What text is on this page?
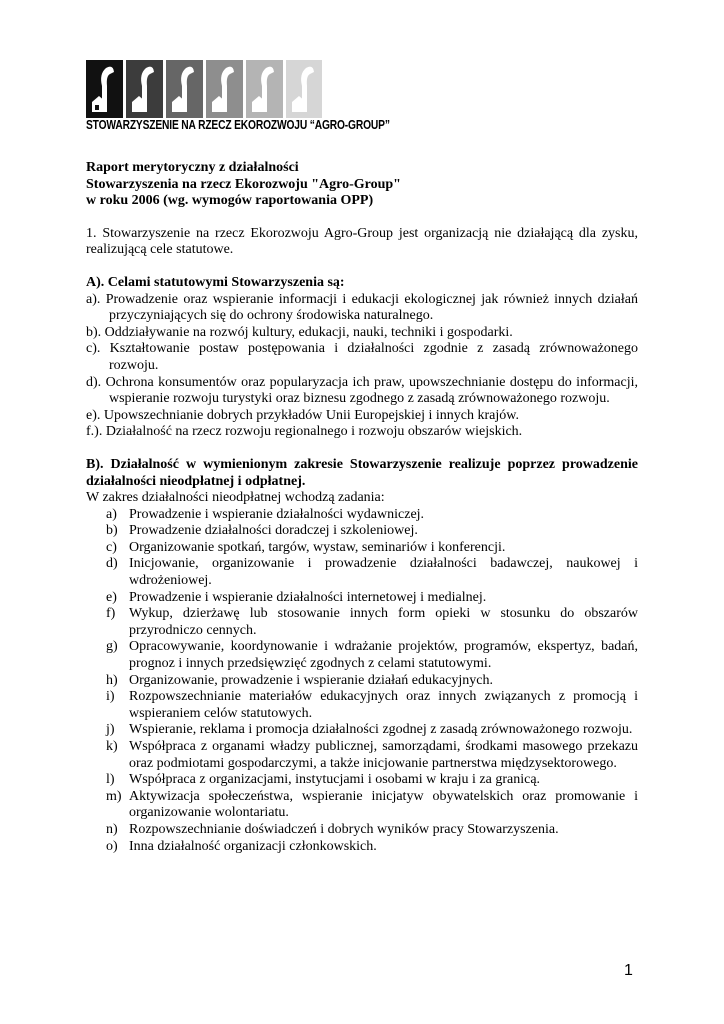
STOWARZYSZENIE NA RZECZ EKOROZWOJU “AGRO-GROUP”

Raport merytoryczny z działalności

Stowarzyszenia na rzecz Ekorozwoju "Agro-Group"

w roku 2006 (wg. wymogów raportowania OPP)

1. Stowarzyszenie na rzecz Ekorozwoju Agro-Group jest organizacją nie działającą dla zysku, realizującą cele statutowe.

A). Celami statutowymi Stowarzyszenia są:

a). Prowadzenie oraz wspieranie informacji i edukacji ekologicznej jak również innych działań przyczyniających się do ochrony środowiska naturalnego.

b). Oddziaływanie na rozwój kultury, edukacji, nauki, techniki i gospodarki.

c). Kształtowanie postaw postępowania i działalności zgodnie z zasadą zrównoważonego rozwoju.

d). Ochrona konsumentów oraz popularyzacja ich praw, upowszechnianie dostępu do informacji, wspieranie rozwoju turystyki oraz biznesu zgodnego z zasadą zrównoważonego rozwoju.

e). Upowszechnianie dobrych przykładów Unii Europejskiej i innych krajów.

f.). Działalność na rzecz rozwoju regionalnego i rozwoju obszarów wiejskich.

B). Działalność w wymienionym zakresie Stowarzyszenie realizuje poprzez prowadzenie działalności nieodpłatnej i odpłatnej.

W zakres działalności nieodpłatnej wchodzą zadania:

a) Prowadzenie i wspieranie działalności wydawniczej.
b) Prowadzenie działalności doradczej i szkoleniowej.
c) Organizowanie spotkań, targów, wystaw, seminariów i konferencji.
d) Inicjowanie, organizowanie i prowadzenie działalności badawczej, naukowej i wdrożeniowej.
e) Prowadzenie i wspieranie działalności internetowej i medialnej.
f) Wykup, dzierżawę lub stosowanie innych form opieki w stosunku do obszarów przyrodniczo cennych.
g) Opracowywanie, koordynowanie i wdrażanie projektów, programów, ekspertyz, badań, prognoz i innych przedsięwzięć zgodnych z celami statutowymi.
h) Organizowanie, prowadzenie i wspieranie działań edukacyjnych.
i) Rozpowszechnianie materiałów edukacyjnych oraz innych związanych z promocją i wspieraniem celów statutowych.
j) Wspieranie, reklama i promocja działalności zgodnej z zasadą zrównoważonego rozwoju.
k) Współpraca z organami władzy publicznej, samorządami, środkami masowego przekazu oraz podmiotami gospodarczymi, a także inicjowanie partnerstwa międzysektorowego.
l) Współpraca z organizacjami, instytucjami i osobami w kraju i za granicą.
m) Aktywizacja społeczeństwa, wspieranie inicjatyw obywatelskich oraz promowanie i organizowanie wolontariatu.
n) Rozpowszechnianie doświadczeń i dobrych wyników pracy Stowarzyszenia.
o) Inna działalność organizacji członkowskich.
1
